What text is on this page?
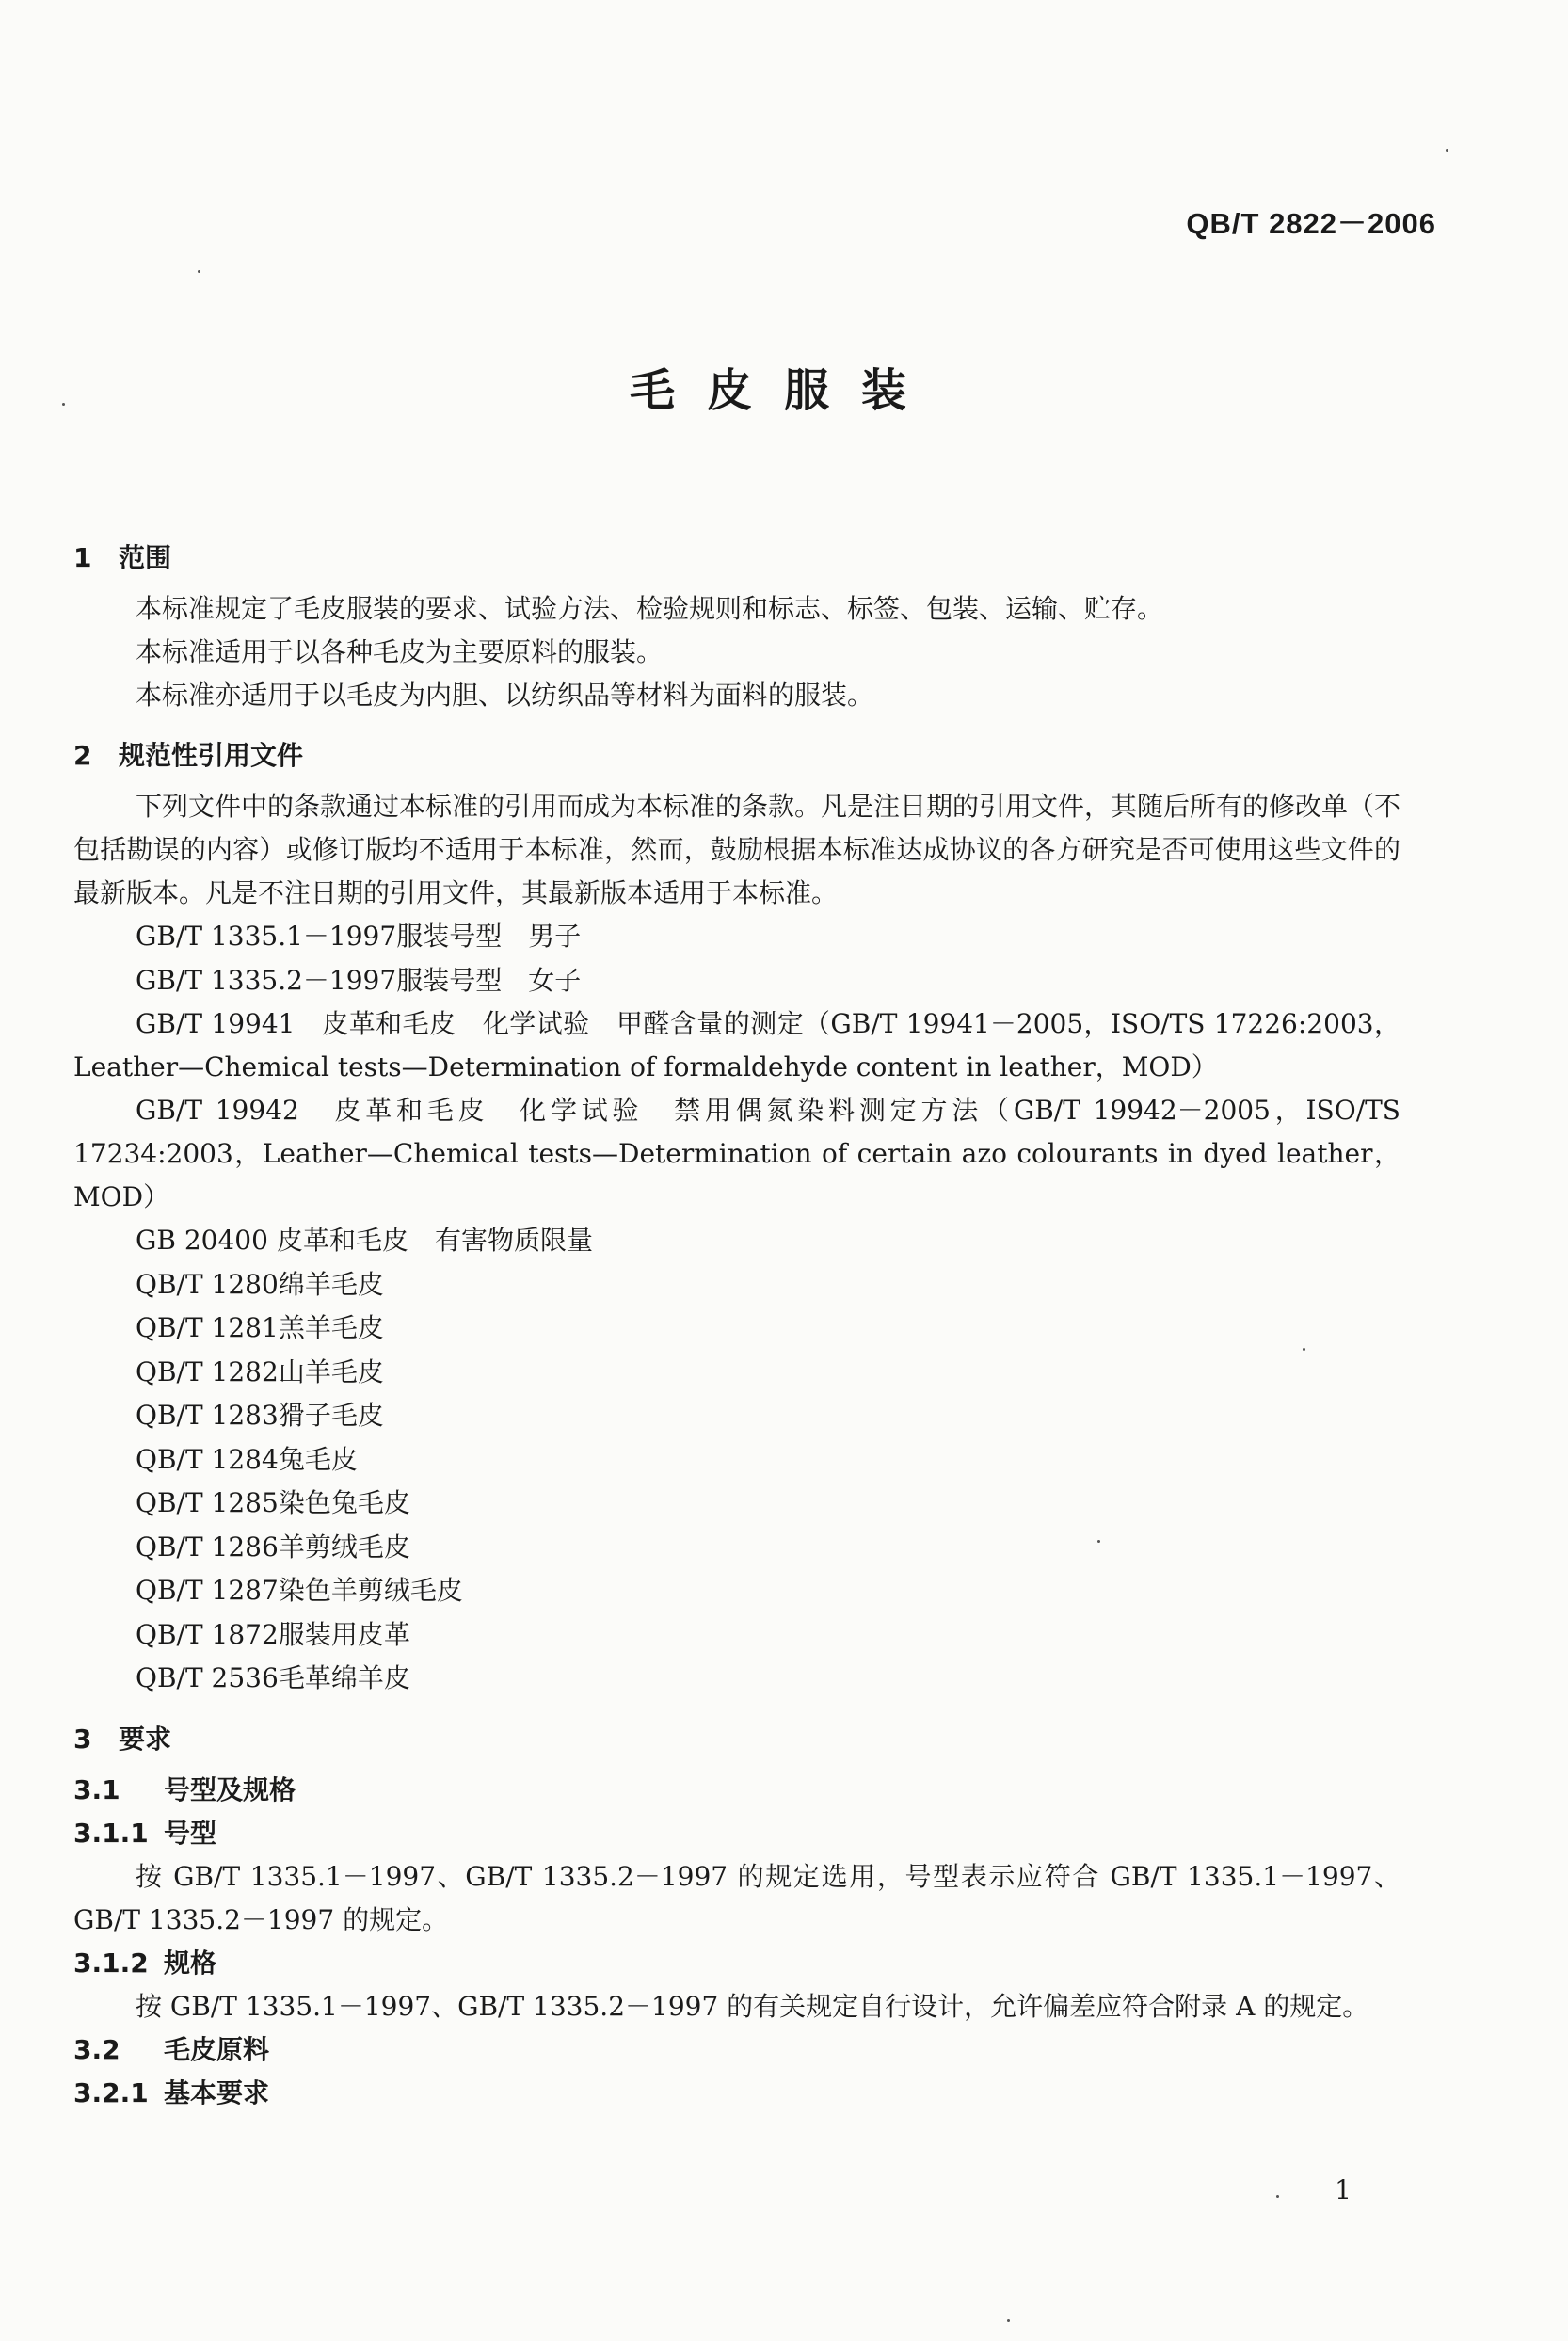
QB/T 2822－2006
毛皮服装
1 范围

本标准规定了毛皮服装的要求、试验方法、检验规则和标志、标签、包装、运输、贮存。

本标准适用于以各种毛皮为主要原料的服装。

本标准亦适用于以毛皮为内胆、以纺织品等材料为面料的服装。

2 规范性引用文件

下列文件中的条款通过本标准的引用而成为本标准的条款。凡是注日期的引用文件，其随后所有的修改单（不包括勘误的内容）或修订版均不适用于本标准，然而，鼓励根据本标准达成协议的各方研究是否可使用这些文件的最新版本。凡是不注日期的引用文件，其最新版本适用于本标准。

GB/T 1335.1－1997服装号型　男子
GB/T 1335.2－1997服装号型　女子

GB/T 19941　皮革和毛皮　化学试验　甲醛含量的测定（GB/T 19941－2005，ISO/TS 17226:2003，Leather—Chemical tests—Determination of formaldehyde content in leather，MOD）

GB/T 19942　皮革和毛皮　化学试验　禁用偶氮染料测定方法（GB/T 19942－2005，ISO/TS 17234:2003，Leather—Chemical tests—Determination of certain azo colourants in dyed leather，MOD）

GB 20400 皮革和毛皮　有害物质限量
QB/T 1280绵羊毛皮
QB/T 1281羔羊毛皮
QB/T 1282山羊毛皮
QB/T 1283猾子毛皮
QB/T 1284兔毛皮
QB/T 1285染色兔毛皮
QB/T 1286羊剪绒毛皮
QB/T 1287染色羊剪绒毛皮
QB/T 1872服装用皮革
QB/T 2536毛革绵羊皮
3 要求
3.1 号型及规格
3.1.1 号型

按 GB/T 1335.1－1997、GB/T 1335.2－1997 的规定选用，号型表示应符合 GB/T 1335.1－1997、GB/T 1335.2－1997 的规定。

3.1.2 规格

按 GB/T 1335.1－1997、GB/T 1335.2－1997 的有关规定自行设计，允许偏差应符合附录 A 的规定。

3.2 毛皮原料
3.2.1 基本要求
1
